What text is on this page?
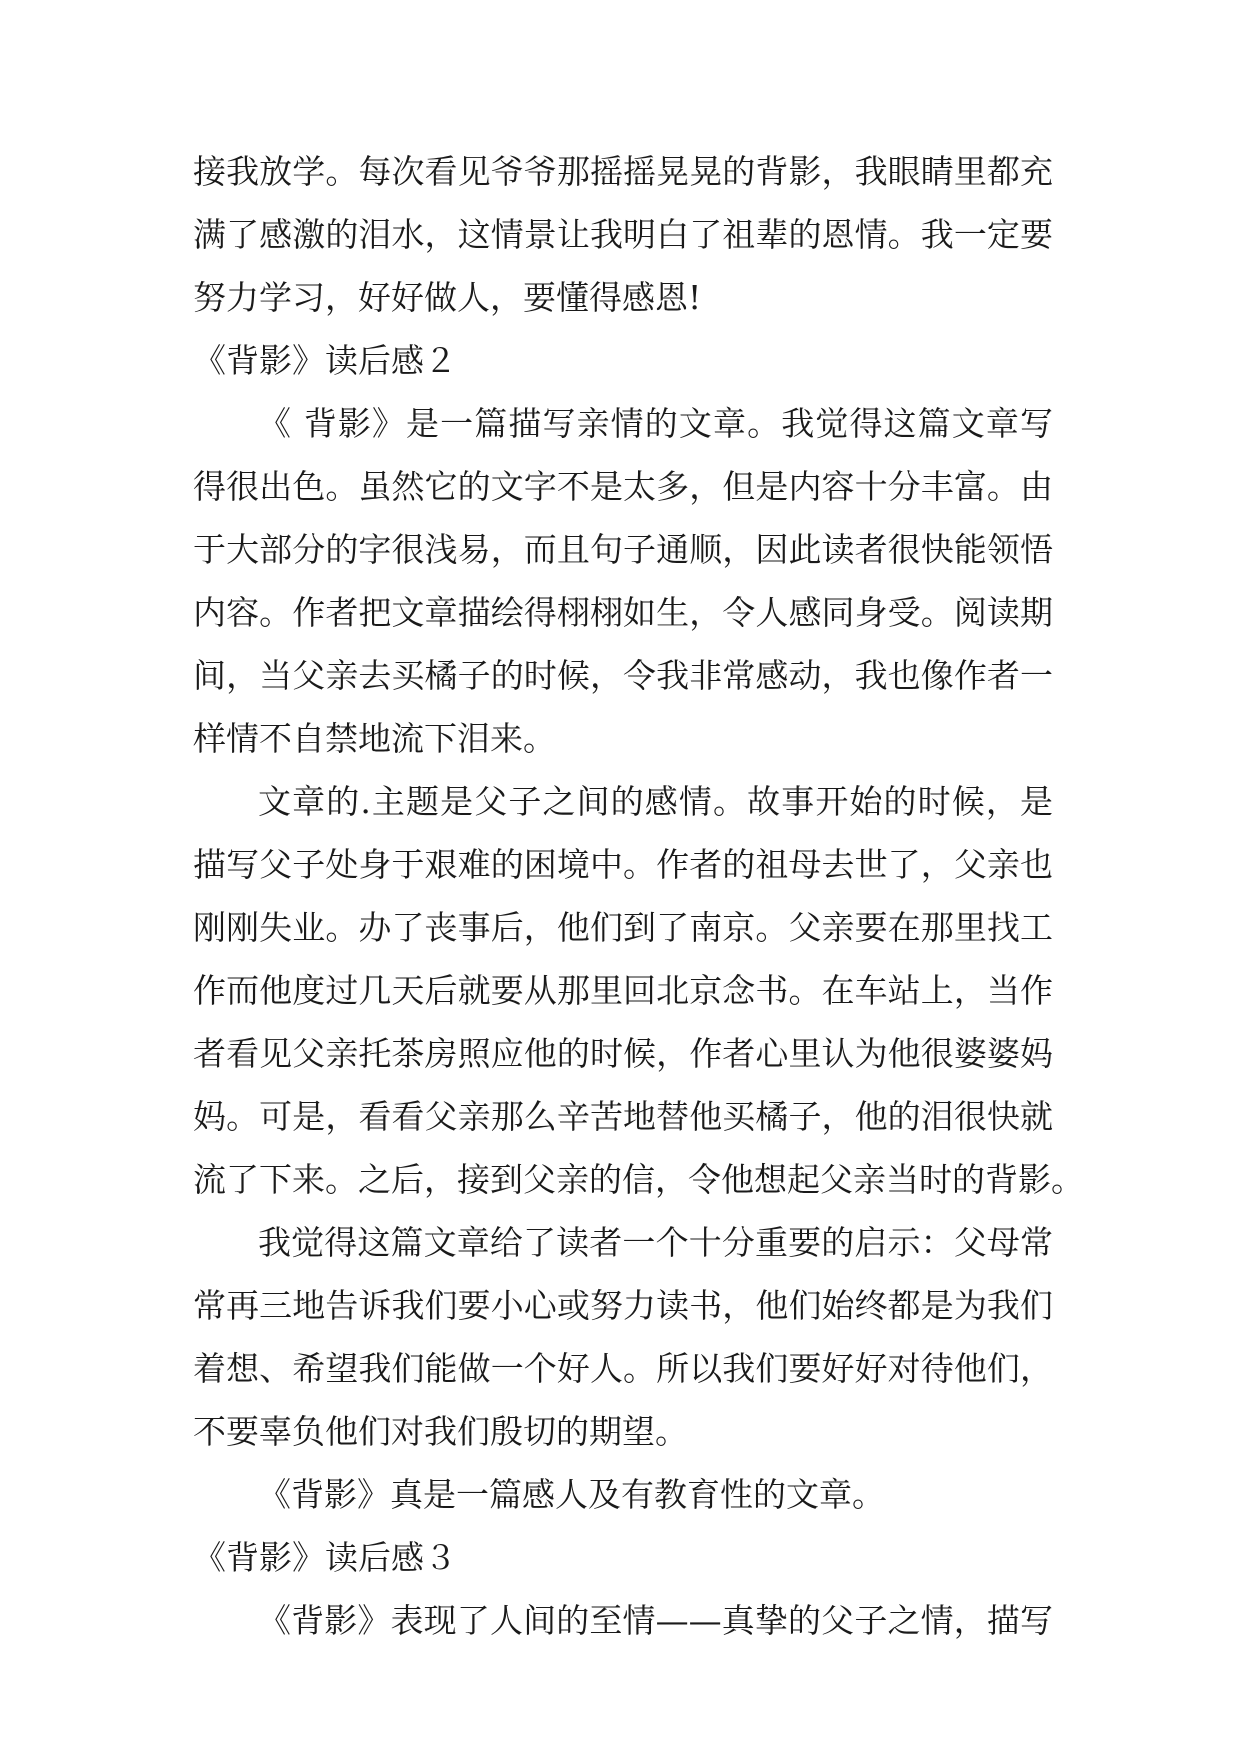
接我放学。每次看见爷爷那摇摇晃晃的背影，我眼睛里都充
满了感激的泪水，这情景让我明白了祖辈的恩情。我一定要
努力学习，好好做人，要懂得感恩!
《背影》读后感２
《 背影》是一篇描写亲情的文章。我觉得这篇文章写
得很出色。虽然它的文字不是太多，但是内容十分丰富。由
于大部分的字很浅易，而且句子通顺，因此读者很快能领悟
内容。作者把文章描绘得栩栩如生，令人感同身受。阅读期
间，当父亲去买橘子的时候，令我非常感动，我也像作者一
样情不自禁地流下泪来。
文章的.主题是父子之间的感情。故事开始的时候，是
描写父子处身于艰难的困境中。作者的祖母去世了，父亲也
刚刚失业。办了丧事后，他们到了南京。父亲要在那里找工
作而他度过几天后就要从那里回北京念书。在车站上，当作
者看见父亲托茶房照应他的时候，作者心里认为他很婆婆妈
妈。可是，看看父亲那么辛苦地替他买橘子，他的泪很快就
流了下来。之后，接到父亲的信，令他想起父亲当时的背影。
我觉得这篇文章给了读者一个十分重要的启示：父母常
常再三地告诉我们要小心或努力读书，他们始终都是为我们
着想、希望我们能做一个好人。所以我们要好好对待他们，
不要辜负他们对我们殷切的期望。
《背影》真是一篇感人及有教育性的文章。
《背影》读后感３
《背影》表现了人间的至情——真挚的父子之情，描写
